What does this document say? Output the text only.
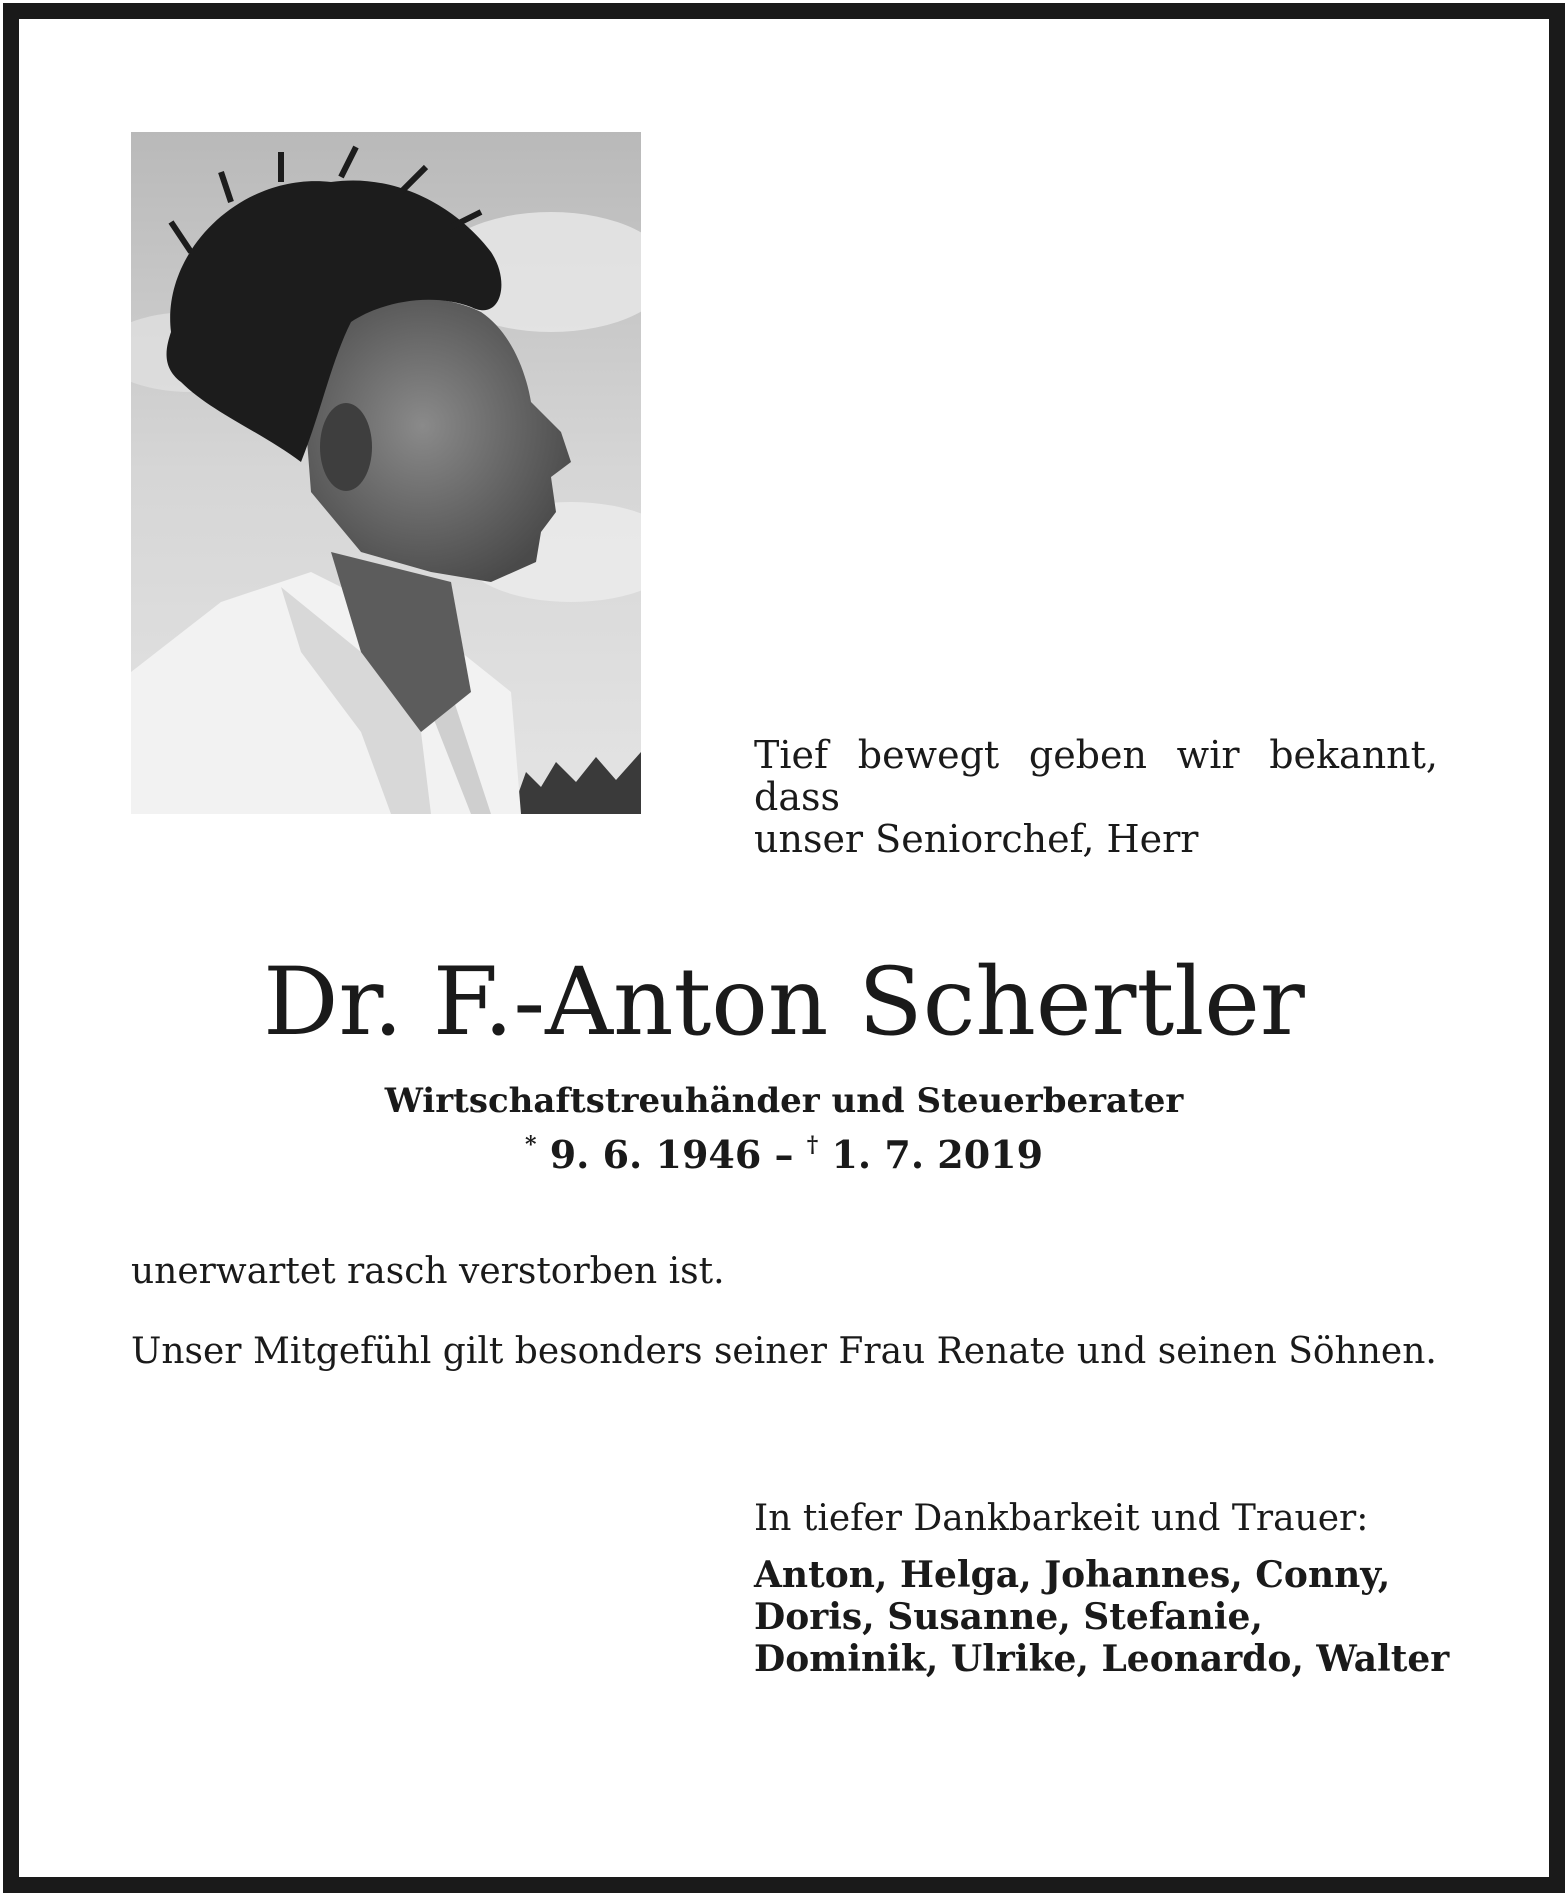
Tief bewegt geben wir bekannt, dass
unser Seniorchef, Herr
Dr. F.-Anton Schertler
Wirtschaftstreuhänder und Steuerberater
* 9. 6. 1946 – † 1. 7. 2019
unerwartet rasch verstorben ist.
Unser Mitgefühl gilt besonders seiner Frau Renate und seinen Söhnen.
In tiefer Dankbarkeit und Trauer:
Anton, Helga, Johannes, Conny,
Doris, Susanne, Stefanie,
Dominik, Ulrike, Leonardo, Walter
